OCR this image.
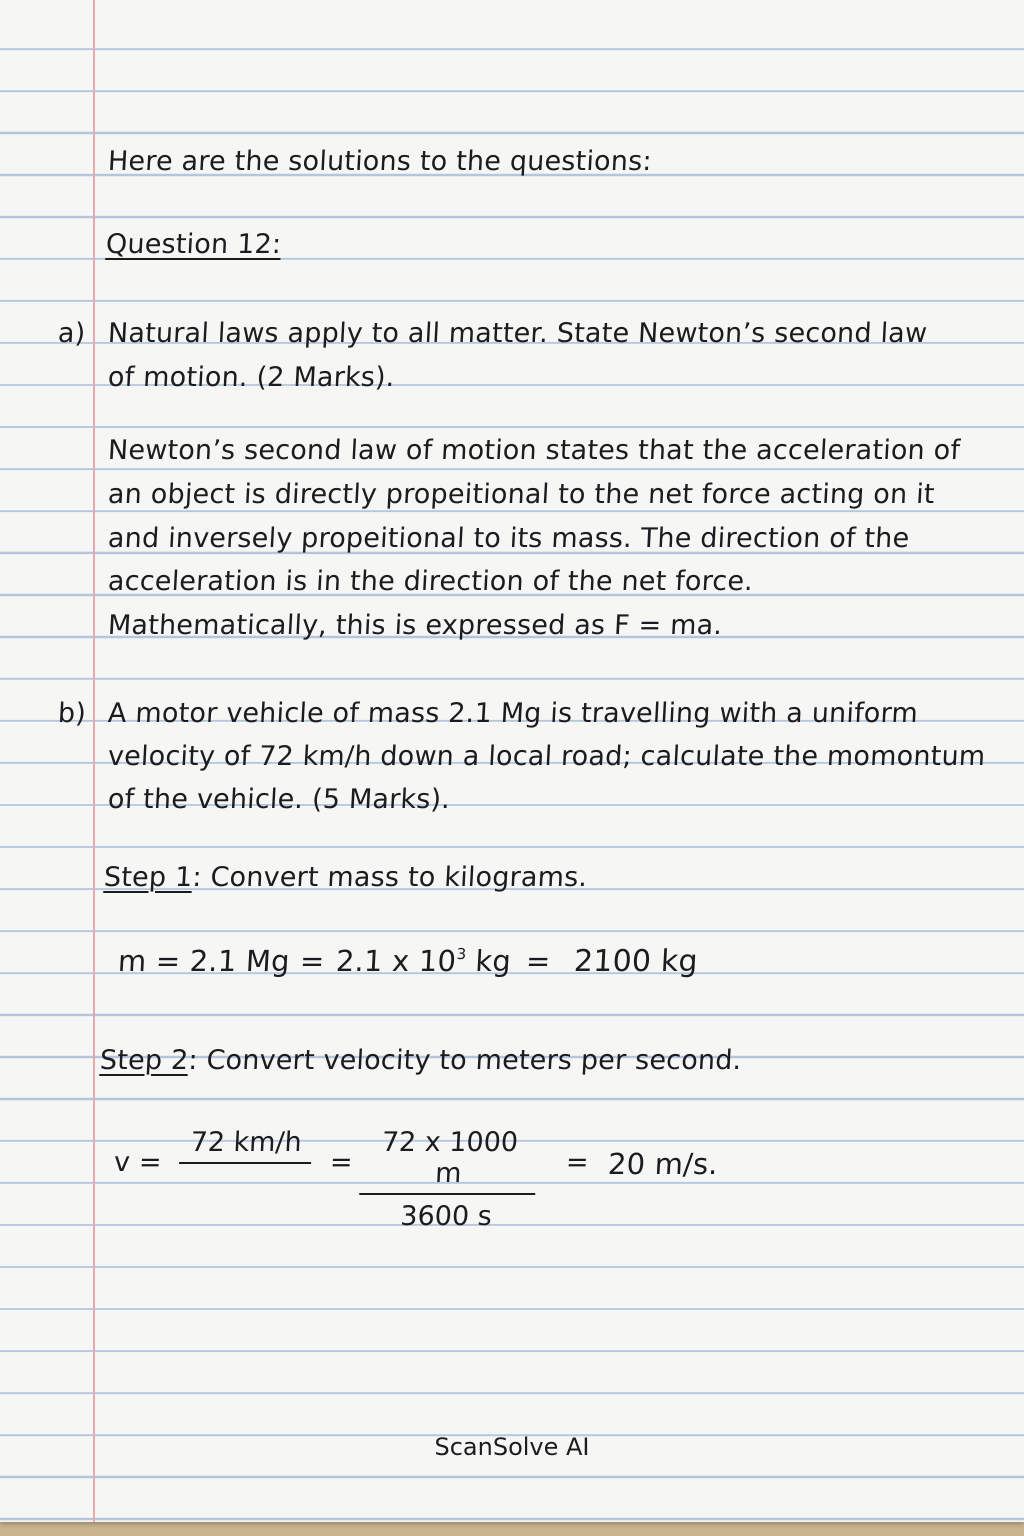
Here are the solutions to the questions:
Question 12:
a) Natural laws apply to all matter. State Newton’s second law
of motion. (2 Marks).
Newton’s second law of motion states that the acceleration of
an object is directly propeitional to the net force acting on it
and inversely propeitional to its mass. The direction of the
acceleration is in the direction of the net force.
Mathematically, this is expressed as F = ma.
b) A motor vehicle of mass 2.1 Mg is travelling with a uniform
velocity of 72 km/h down a local road; calculate the momontum
of the vehicle. (5 Marks).
Step 1: Convert mass to kilograms.
m = 2.1 Mg = 2.1 x $10^3$ kg = 2100 kg
Step 2: Convert velocity to meters per second.
v =
72 km/h
= $\frac{72 x 1000 m}{3600 s} = 20$ m/s.
ScanSolve AI
